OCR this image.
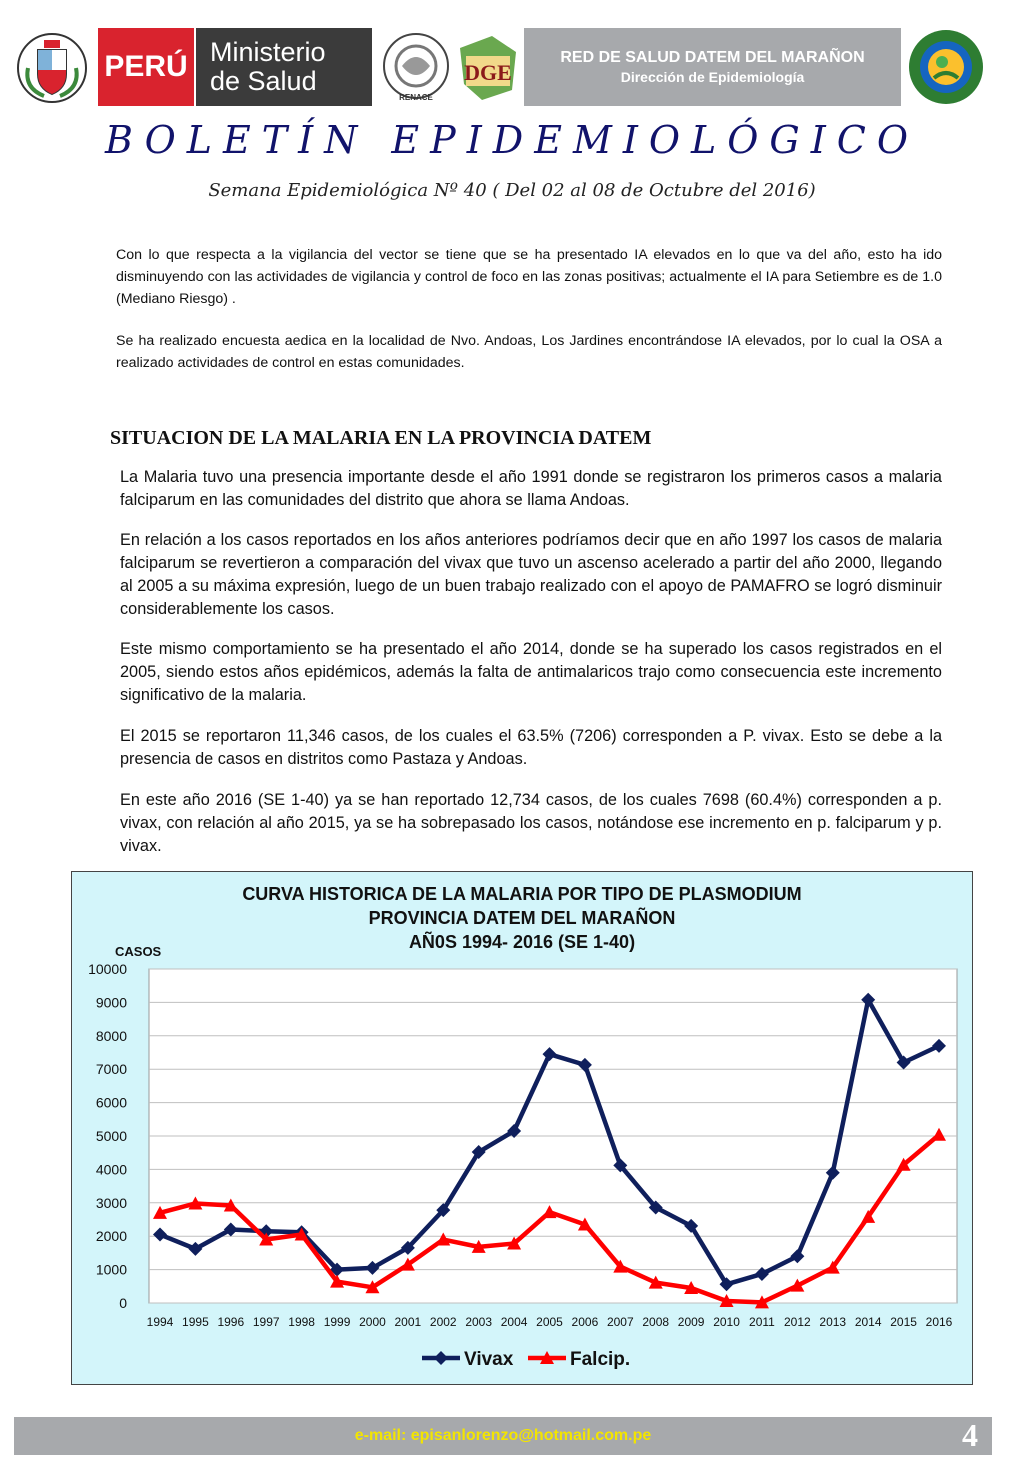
PERÚ Ministerio
de Salud
RENACE
DGE
RED DE SALUD DATEM DEL MARAÑON
Dirección de Epidemiología
BOLETÍN EPIDEMIOLÓGICO
Semana Epidemiológica Nº 40 ( Del 02 al 08 de Octubre del 2016)

Con lo que respecta a la vigilancia del vector se tiene que se ha presentado IA elevados en lo que va del año, esto ha ido disminuyendo con las actividades de vigilancia y control de foco en las zonas positivas; actualmente el IA para Setiembre es de 1.0 (Mediano Riesgo) .

Se ha realizado encuesta aedica en la localidad de Nvo. Andoas, Los Jardines encontrándose IA elevados, por lo cual la OSA a realizado actividades de control en estas comunidades.

SITUACION DE LA MALARIA EN LA PROVINCIA DATEM

La Malaria tuvo una presencia importante desde el año 1991 donde se registraron los primeros casos a malaria falciparum en las comunidades del distrito que ahora se llama Andoas.

En relación a los casos reportados en los años anteriores podríamos decir que en año 1997 los casos de malaria falciparum se revertieron a comparación del vivax que tuvo un ascenso acelerado a partir del año 2000, llegando al 2005 a su máxima expresión, luego de un buen trabajo realizado con el apoyo de PAMAFRO se logró disminuir considerablemente los casos.

Este mismo comportamiento se ha presentado el año 2014, donde se ha superado los casos registrados en el 2005, siendo estos años epidémicos, además la falta de antimalaricos trajo como consecuencia este incremento significativo de la malaria.

El 2015 se reportaron 11,346 casos, de los cuales el 63.5% (7206) corresponden a P. vivax. Esto se debe a la presencia de casos en distritos como Pastaza y Andoas.

En este año 2016 (SE 1-40) ya se han reportado 12,734 casos, de los cuales 7698 (60.4%) corresponden a p. vivax, con relación al año 2015, ya se ha sobrepasado los casos, notándose ese incremento en p. falciparum y p. vivax.

CURVA HISTORICA DE LA MALARIA POR TIPO DE PLASMODIUM
PROVINCIA DATEM DEL MARAÑON
AÑ0S 1994- 2016 (SE 1-40)
0
1000
2000
3000
4000
5000
6000
7000
8000
9000
10000
CASOS
1994 1995 1996 1997 1998 1999 2000 2001 2002 2003 2004 2005 2006 2007 2008 2009 2010 2011 2012 2013 2014 2015 2016
Vivax	Falcip.
e-mail: episanlorenzo@hotmail.com.pe	4
